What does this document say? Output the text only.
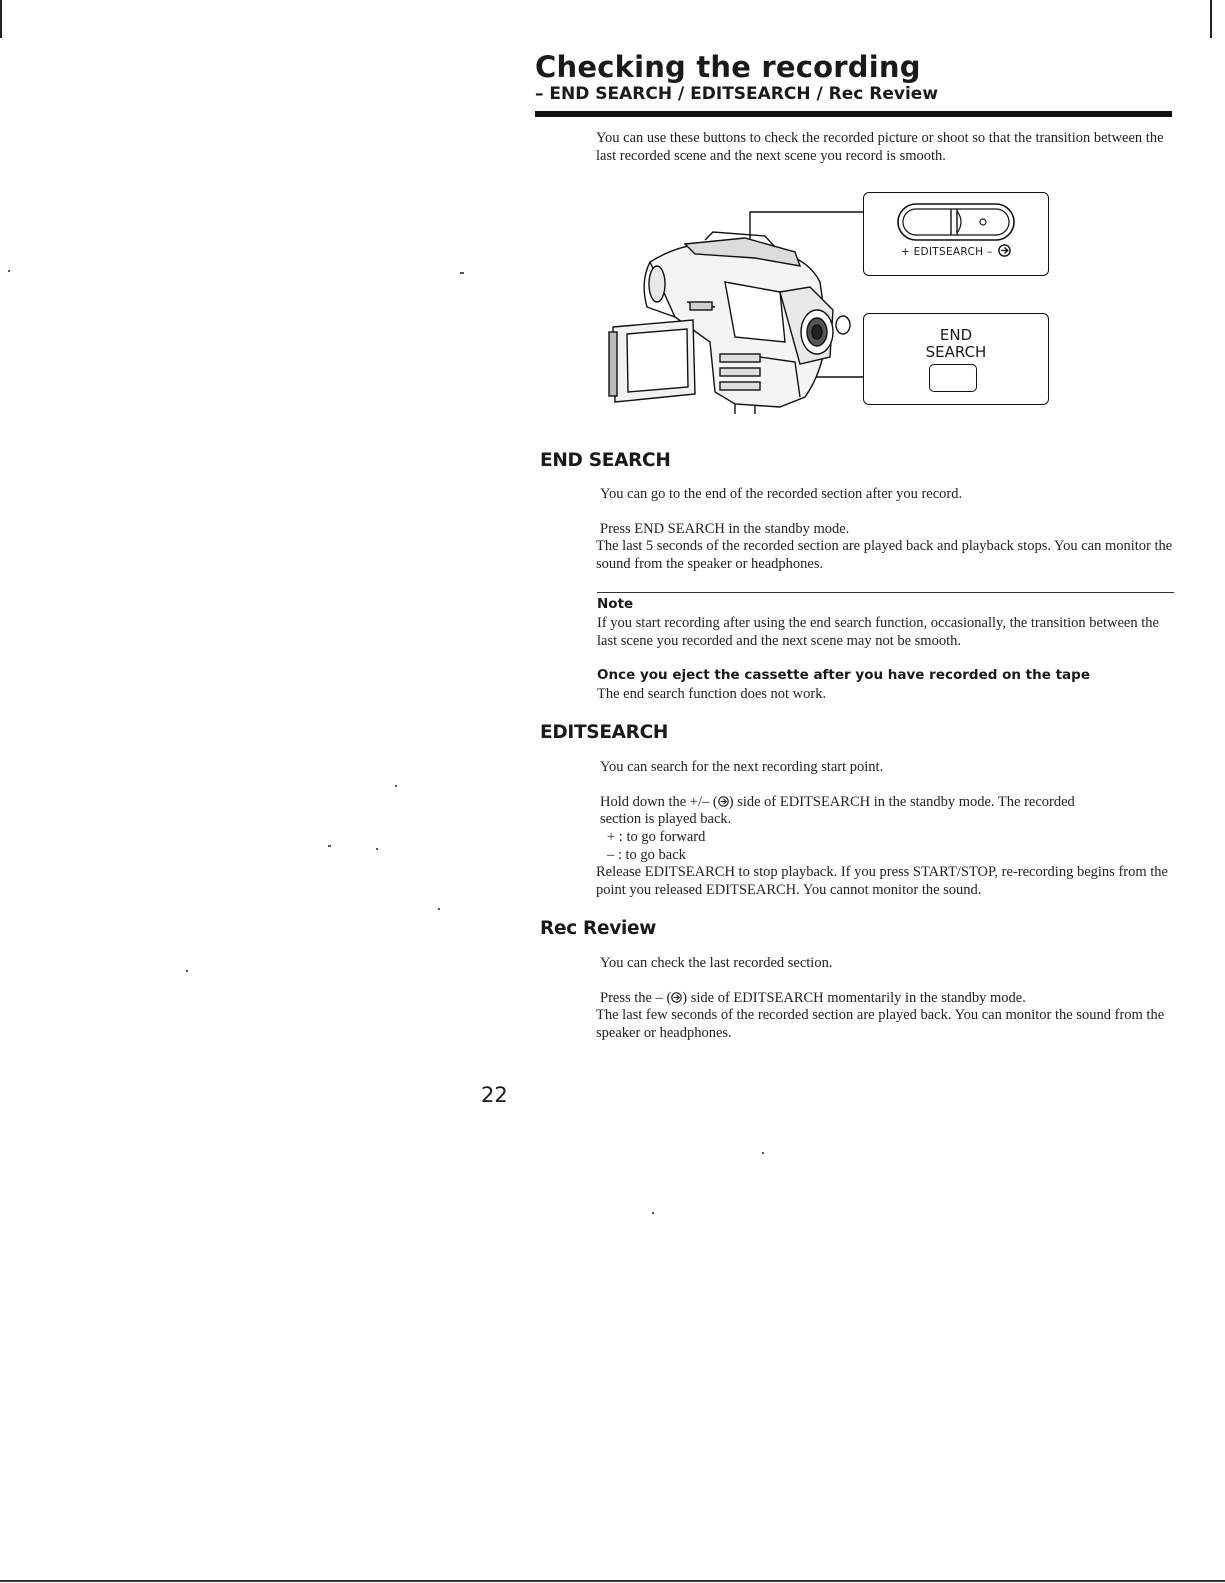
Checking the recording
– END SEARCH / EDITSEARCH / Rec Review
You can use these buttons to check the recorded picture or shoot so that the transition between the last recorded scene and the next scene you record is smooth.
+ EDITSEARCH –
END
SEARCH
END SEARCH
You can go to the end of the recorded section after you record.
Press END SEARCH in the standby mode.
The last 5 seconds of the recorded section are played back and playback stops. You can monitor the sound from the speaker or headphones.
Note
If you start recording after using the end search function, occasionally, the transition between the last scene you recorded and the next scene may not be smooth.
Once you eject the cassette after you have recorded on the tape
The end search function does not work.
EDITSEARCH
You can search for the next recording start point.
Hold down the +/– ( ) side of EDITSEARCH in the standby mode. The recorded
section is played back.
+ : to go forward
– : to go back
Release EDITSEARCH to stop playback. If you press START/STOP, re-recording begins from the point you released EDITSEARCH. You cannot monitor the sound.
Rec Review
You can check the last recorded section.
Press the – ( ) side of EDITSEARCH momentarily in the standby mode.
The last few seconds of the recorded section are played back. You can monitor the sound from the speaker or headphones.
22
